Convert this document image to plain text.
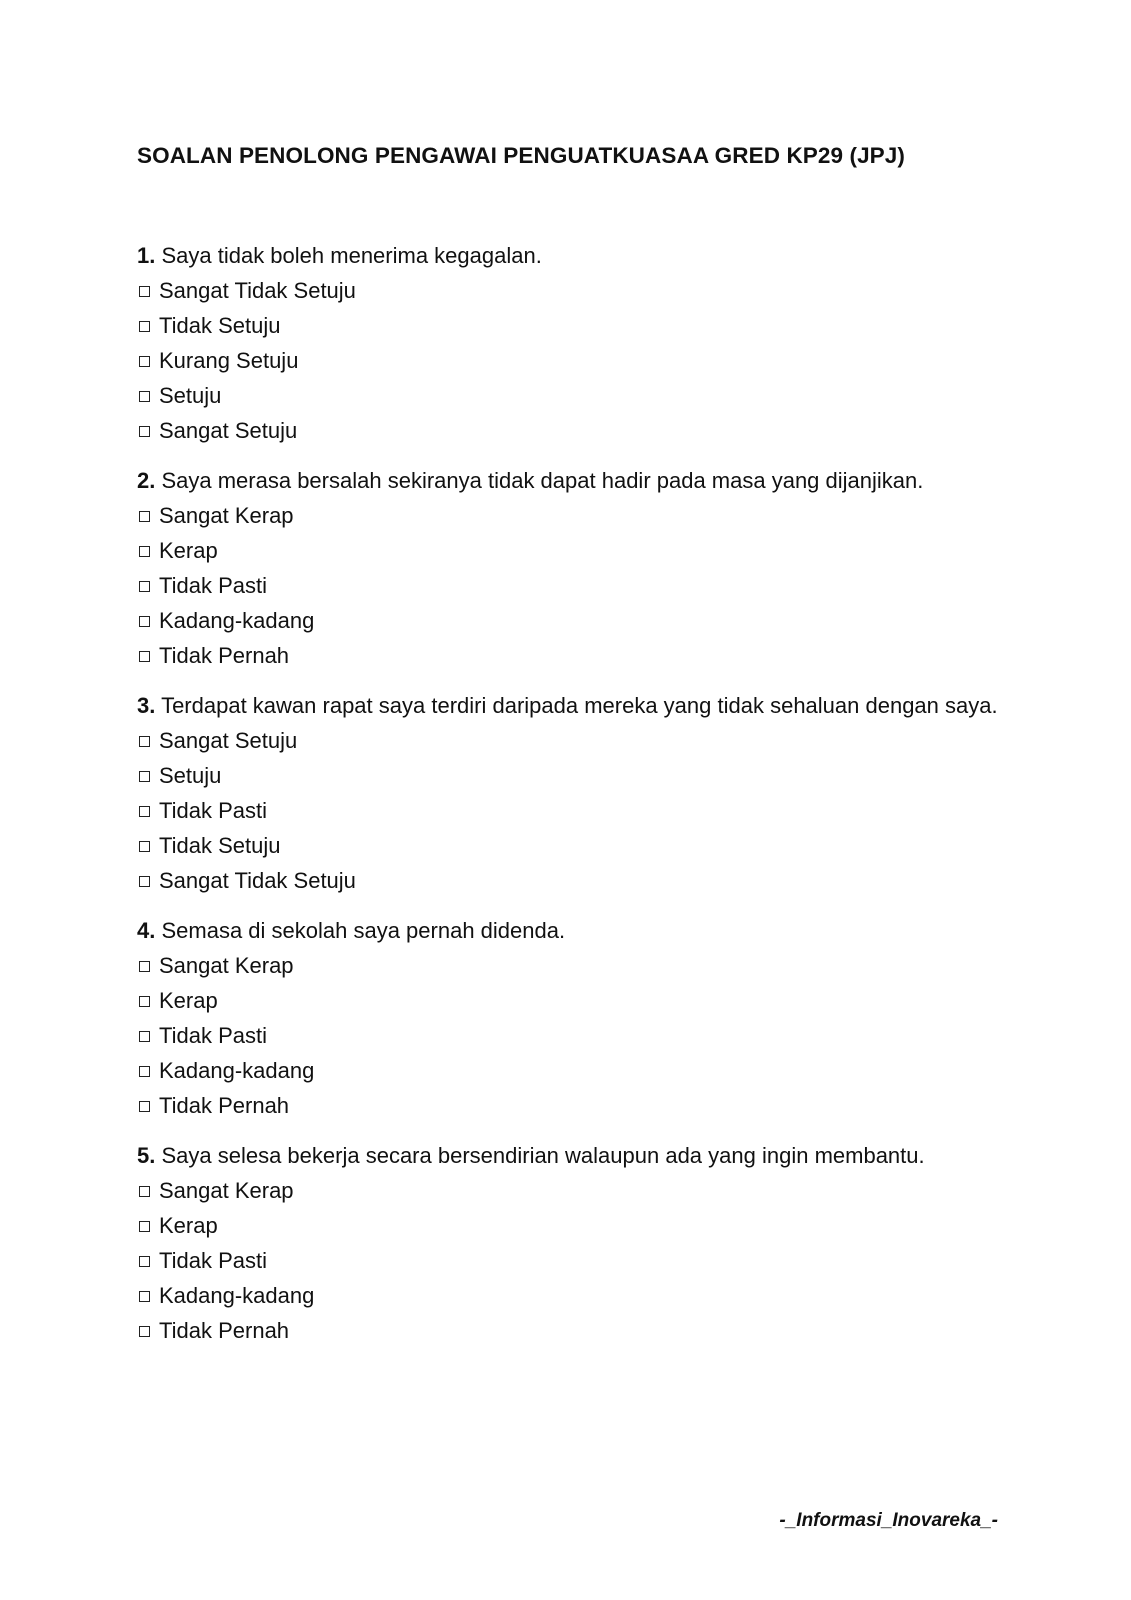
SOALAN PENOLONG PENGAWAI PENGUATKUASAA GRED KP29 (JPJ)

1. Saya tidak boleh menerima kegagalan.

Sangat Tidak Setuju
Tidak Setuju
Kurang Setuju
Setuju
Sangat Setuju

2. Saya merasa bersalah sekiranya tidak dapat hadir pada masa yang dijanjikan.

Sangat Kerap
Kerap
Tidak Pasti
Kadang-kadang
Tidak Pernah

3. Terdapat kawan rapat saya terdiri daripada mereka yang tidak sehaluan dengan saya.

Sangat Setuju
Setuju
Tidak Pasti
Tidak Setuju
Sangat Tidak Setuju

4. Semasa di sekolah saya pernah didenda.

Sangat Kerap
Kerap
Tidak Pasti
Kadang-kadang
Tidak Pernah

5. Saya selesa bekerja secara bersendirian walaupun ada yang ingin membantu.

Sangat Kerap
Kerap
Tidak Pasti
Kadang-kadang
Tidak Pernah
-_Informasi_Inovareka_-
